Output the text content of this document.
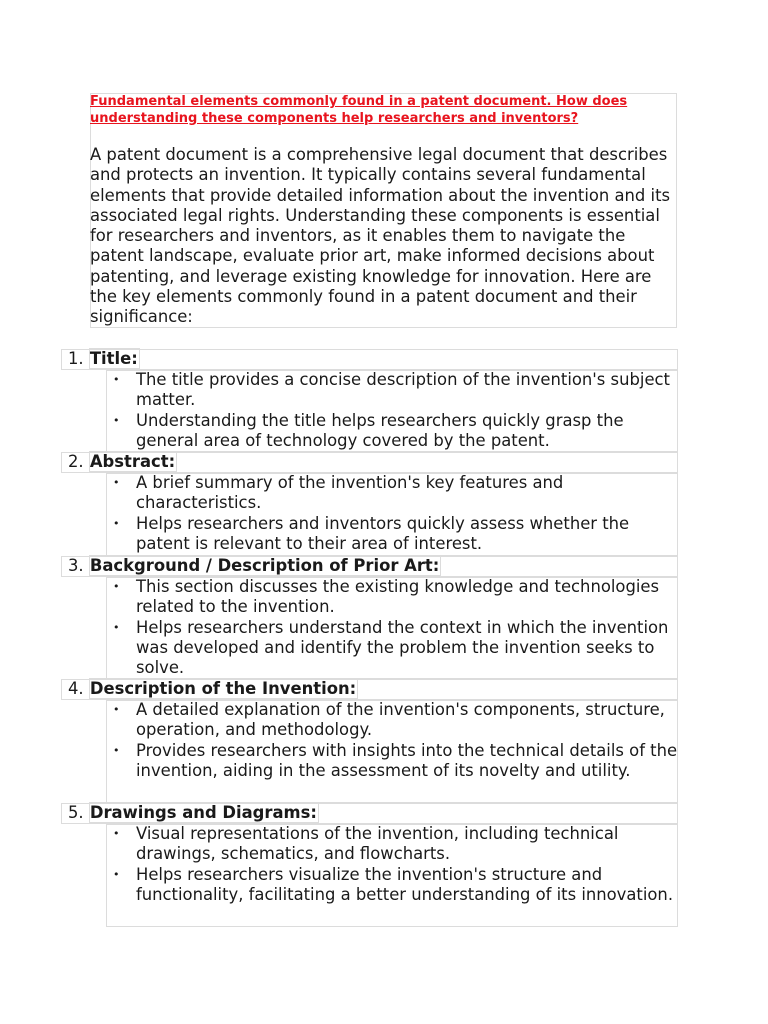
Fundamental elements commonly found in a patent document. How does understanding these components help researchers and inventors?

A patent document is a comprehensive legal document that describes and protects an invention. It typically contains several fundamental elements that provide detailed information about the invention and its associated legal rights. Understanding these components is essential for researchers and inventors, as it enables them to navigate the patent landscape, evaluate prior art, make informed decisions about patenting, and leverage existing knowledge for innovation. Here are the key elements commonly found in a patent document and their significance:

1. Title:
• The title provides a concise description of the invention's subject matter.
• Understanding the title helps researchers quickly grasp the general area of technology covered by the patent.
2. Abstract:
• A brief summary of the invention's key features and characteristics.
• Helps researchers and inventors quickly assess whether the patent is relevant to their area of interest.
3. Background / Description of Prior Art:
• This section discusses the existing knowledge and technologies related to the invention.
• Helps researchers understand the context in which the invention was developed and identify the problem the invention seeks to solve.
4. Description of the Invention:
• A detailed explanation of the invention's components, structure, operation, and methodology.
• Provides researchers with insights into the technical details of the invention, aiding in the assessment of its novelty and utility.
5. Drawings and Diagrams:
• Visual representations of the invention, including technical drawings, schematics, and flowcharts.
• Helps researchers visualize the invention's structure and functionality, facilitating a better understanding of its innovation.
